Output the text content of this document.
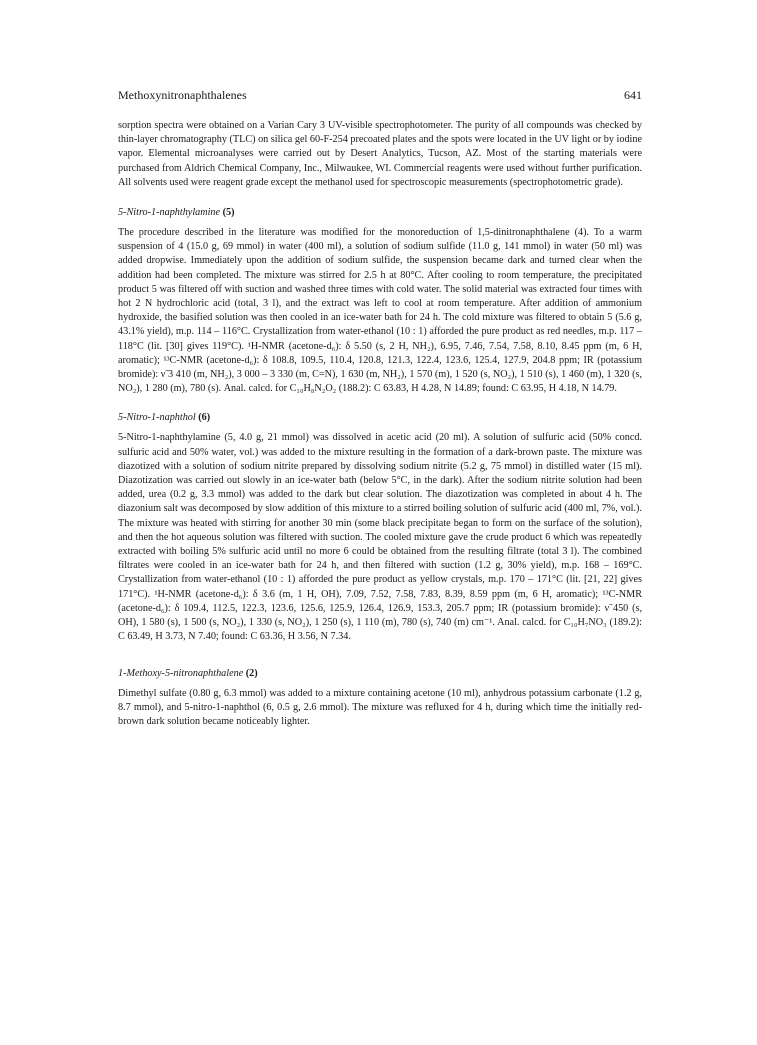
Methoxynitronaphthalenes	641

sorption spectra were obtained on a Varian Cary 3 UV-visible spectrophotometer. The purity of all compounds was checked by thin-layer chromatography (TLC) on silica gel 60-F-254 precoated plates and the spots were located in the UV light or by iodine vapor. Elemental microanalyses were carried out by Desert Analytics, Tucson, AZ. Most of the starting materials were purchased from Aldrich Chemical Company, Inc., Milwaukee, WI. Commercial reagents were used without further purification. All solvents used were reagent grade except the methanol used for spectroscopic measurements (spectrophotometric grade).

5-Nitro-1-naphthylamine (5)

The procedure described in the literature was modified for the monoreduction of 1,5-dinitronaphthalene (4). To a warm suspension of 4 (15.0 g, 69 mmol) in water (400 ml), a solution of sodium sulfide (11.0 g, 141 mmol) in water (50 ml) was added dropwise. Immediately upon the addition of sodium sulfide, the suspension became dark and turned clear when the addition had been completed. The mixture was stirred for 2.5 h at 80°C. After cooling to room temperature, the precipitated product 5 was filtered off with suction and washed three times with cold water. The solid material was extracted four times with hot 2 N hydrochloric acid (total, 3 l), and the extract was left to cool at room temperature. After addition of ammonium hydroxide, the basified solution was then cooled in an ice-water bath for 24 h. The cold mixture was filtered to obtain 5 (5.6 g, 43.1% yield), m.p. 114 – 116°C. Crystallization from water-ethanol (10 : 1) afforded the pure product as red needles, m.p. 117 – 118°C (lit. [30] gives 119°C). ¹H-NMR (acetone-d₆): δ 5.50 (s, 2 H, NH₂), 6.95, 7.46, 7.54, 7.58, 8.10, 8.45 ppm (m, 6 H, aromatic); ¹³C-NMR (acetone-d₆): δ 108.8, 109.5, 110.4, 120.8, 121.3, 122.4, 123.6, 125.4, 127.9, 204.8 ppm; IR (potassium bromide): ν̃ 3 410 (m, NH₂), 3 000 – 3 330 (m, C=N), 1 630 (m, NH₂), 1 570 (m), 1 520 (s, NO₂), 1 510 (s), 1 460 (m), 1 320 (s, NO₂), 1 280 (m), 780 (s). Anal. calcd. for C₁₀H₈N₂O₂ (188.2): C 63.83, H 4.28, N 14.89; found: C 63.95, H 4.18, N 14.79.

5-Nitro-1-naphthol (6)

5-Nitro-1-naphthylamine (5, 4.0 g, 21 mmol) was dissolved in acetic acid (20 ml). A solution of sulfuric acid (50% concd. sulfuric acid and 50% water, vol.) was added to the mixture resulting in the formation of a dark-brown paste. The mixture was diazotized with a solution of sodium nitrite prepared by dissolving sodium nitrite (5.2 g, 75 mmol) in distilled water (15 ml). Diazotization was carried out slowly in an ice-water bath (below 5°C, in the dark). After the sodium nitrite solution had been added, urea (0.2 g, 3.3 mmol) was added to the dark but clear solution. The diazotization was completed in about 4 h. The diazonium salt was decomposed by slow addition of this mixture to a stirred boiling solution of sulfuric acid (400 ml, 7%, vol.). The mixture was heated with stirring for another 30 min (some black precipitate began to form on the surface of the solution), and then the hot aqueous solution was filtered with suction. The cooled mixture gave the crude product 6 which was repeatedly extracted with boiling 5% sulfuric acid until no more 6 could be obtained from the resulting filtrate (total 3 l). The combined filtrates were cooled in an ice-water bath for 24 h, and then filtered with suction (1.2 g, 30% yield), m.p. 168 – 169°C. Crystallization from water-ethanol (10 : 1) afforded the pure product as yellow crystals, m.p. 170 – 171°C (lit. [21, 22] gives 171°C). ¹H-NMR (acetone-d₆): δ 3.6 (m, 1 H, OH), 7.09, 7.52, 7.58, 7.83, 8.39, 8.59 ppm (m, 6 H, aromatic); ¹³C-NMR (acetone-d₆): δ 109.4, 112.5, 122.3, 123.6, 125.6, 125.9, 126.4, 126.9, 153.3, 205.7 ppm; IR (potassium bromide): ν̃ 450 (s, OH), 1 580 (s), 1 500 (s, NO₂), 1 330 (s, NO₂), 1 250 (s), 1 110 (m), 780 (s), 740 (m) cm⁻¹. Anal. calcd. for C₁₀H₇NO₃ (189.2): C 63.49, H 3.73, N 7.40; found: C 63.36, H 3.56, N 7.34.

1-Methoxy-5-nitronaphthalene (2)

Dimethyl sulfate (0.80 g, 6.3 mmol) was added to a mixture containing acetone (10 ml), anhydrous potassium carbonate (1.2 g, 8.7 mmol), and 5-nitro-1-naphthol (6, 0.5 g, 2.6 mmol). The mixture was refluxed for 4 h, during which time the initially red-brown dark solution became noticeably lighter.
